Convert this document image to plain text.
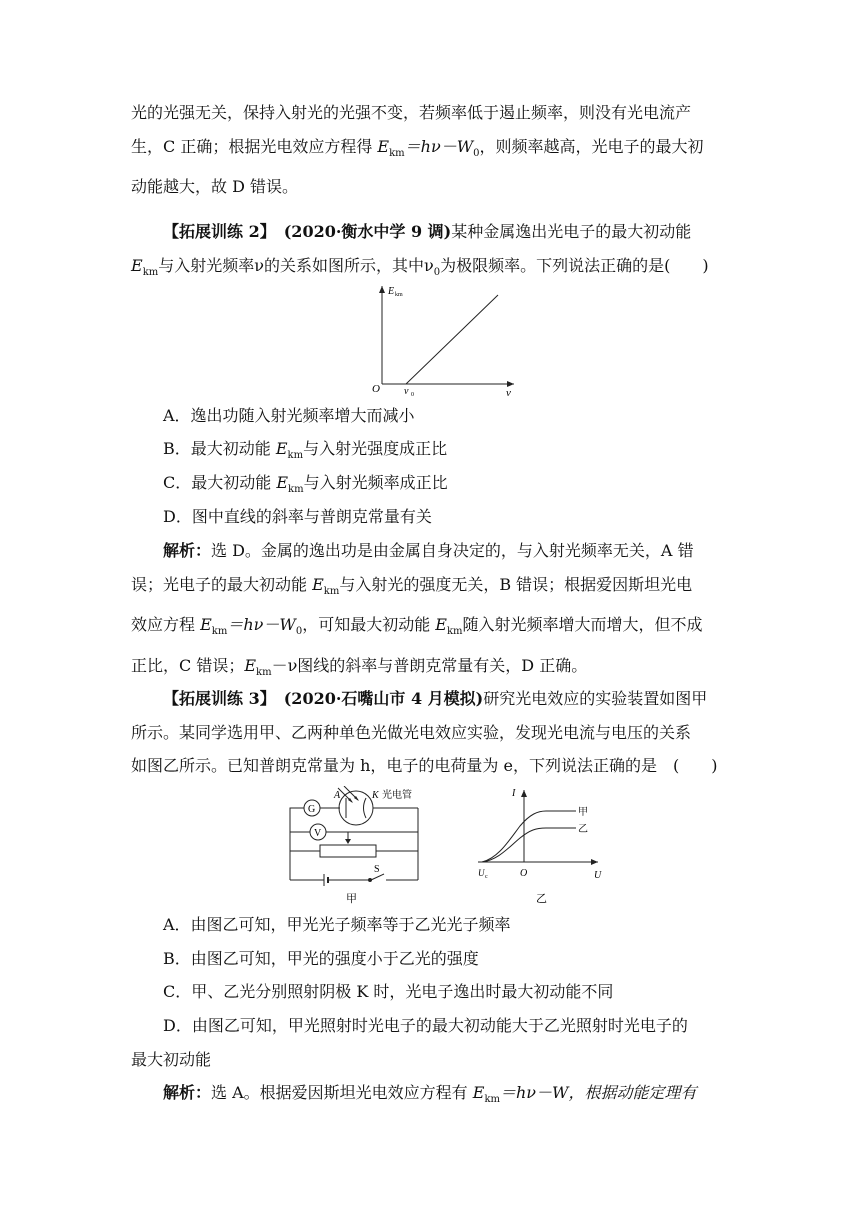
光的光强无关，保持入射光的光强不变，若频率低于遏止频率，则没有光电流产
生，C 正确；根据光电效应方程得 $E_{km}=h\nu-W_0$，则频率越高，光电子的最大初
动能越大，故 D 错误。

【拓展训练 2】　 (2020·衡水中学 9 调)某种金属逸出光电子的最大初动能
$E_{km}$与入射光频率ν的关系如图所示，其中$\nu_0$为极限频率。下列说法正确的是(　　)

E km
O	ν
ν 0
A．逸出功随入射光频率增大而减小
B．最大初动能 $E_{km}$与入射光强度成正比
C．最大初动能 $E_{km}$与入射光频率成正比
D．图中直线的斜率与普朗克常量有关

解析：选 D。金属的逸出功是由金属自身决定的，与入射光频率无关，A 错
误；光电子的最大初动能 $E_{km}$与入射光的强度无关，B 错误；根据爱因斯坦光电
效应方程 $E_{km}=h\nu-W_0$，可知最大初动能 $E_{km}$随入射光频率增大而增大，但不成
正比，C 错误；$E_{km}-\nu$图线的斜率与普朗克常量有关，D 正确。

【拓展训练 3】　 (2020·石嘴山市 4 月模拟)研究光电效应的实验装置如图甲
所示。某同学选用甲、乙两种单色光做光电效应实验，发现光电流与电压的关系
如图乙所示。已知普朗克常量为 h，电子的电荷量为 e，下列说法正确的是　(　　)

G
V
A	K 光电管
S
甲
I
U
O
U c
甲
乙
乙
A．由图乙可知，甲光光子频率等于乙光光子频率
B．由图乙可知，甲光的强度小于乙光的强度
C．甲、乙光分别照射阴极 K 时，光电子逸出时最大初动能不同
D．由图乙可知，甲光照射时光电子的最大初动能大于乙光照射时光电子的
最大初动能

解析：选 A。根据爱因斯坦光电效应方程有 $E_{km}=h\nu-W$，根据动能定理有
